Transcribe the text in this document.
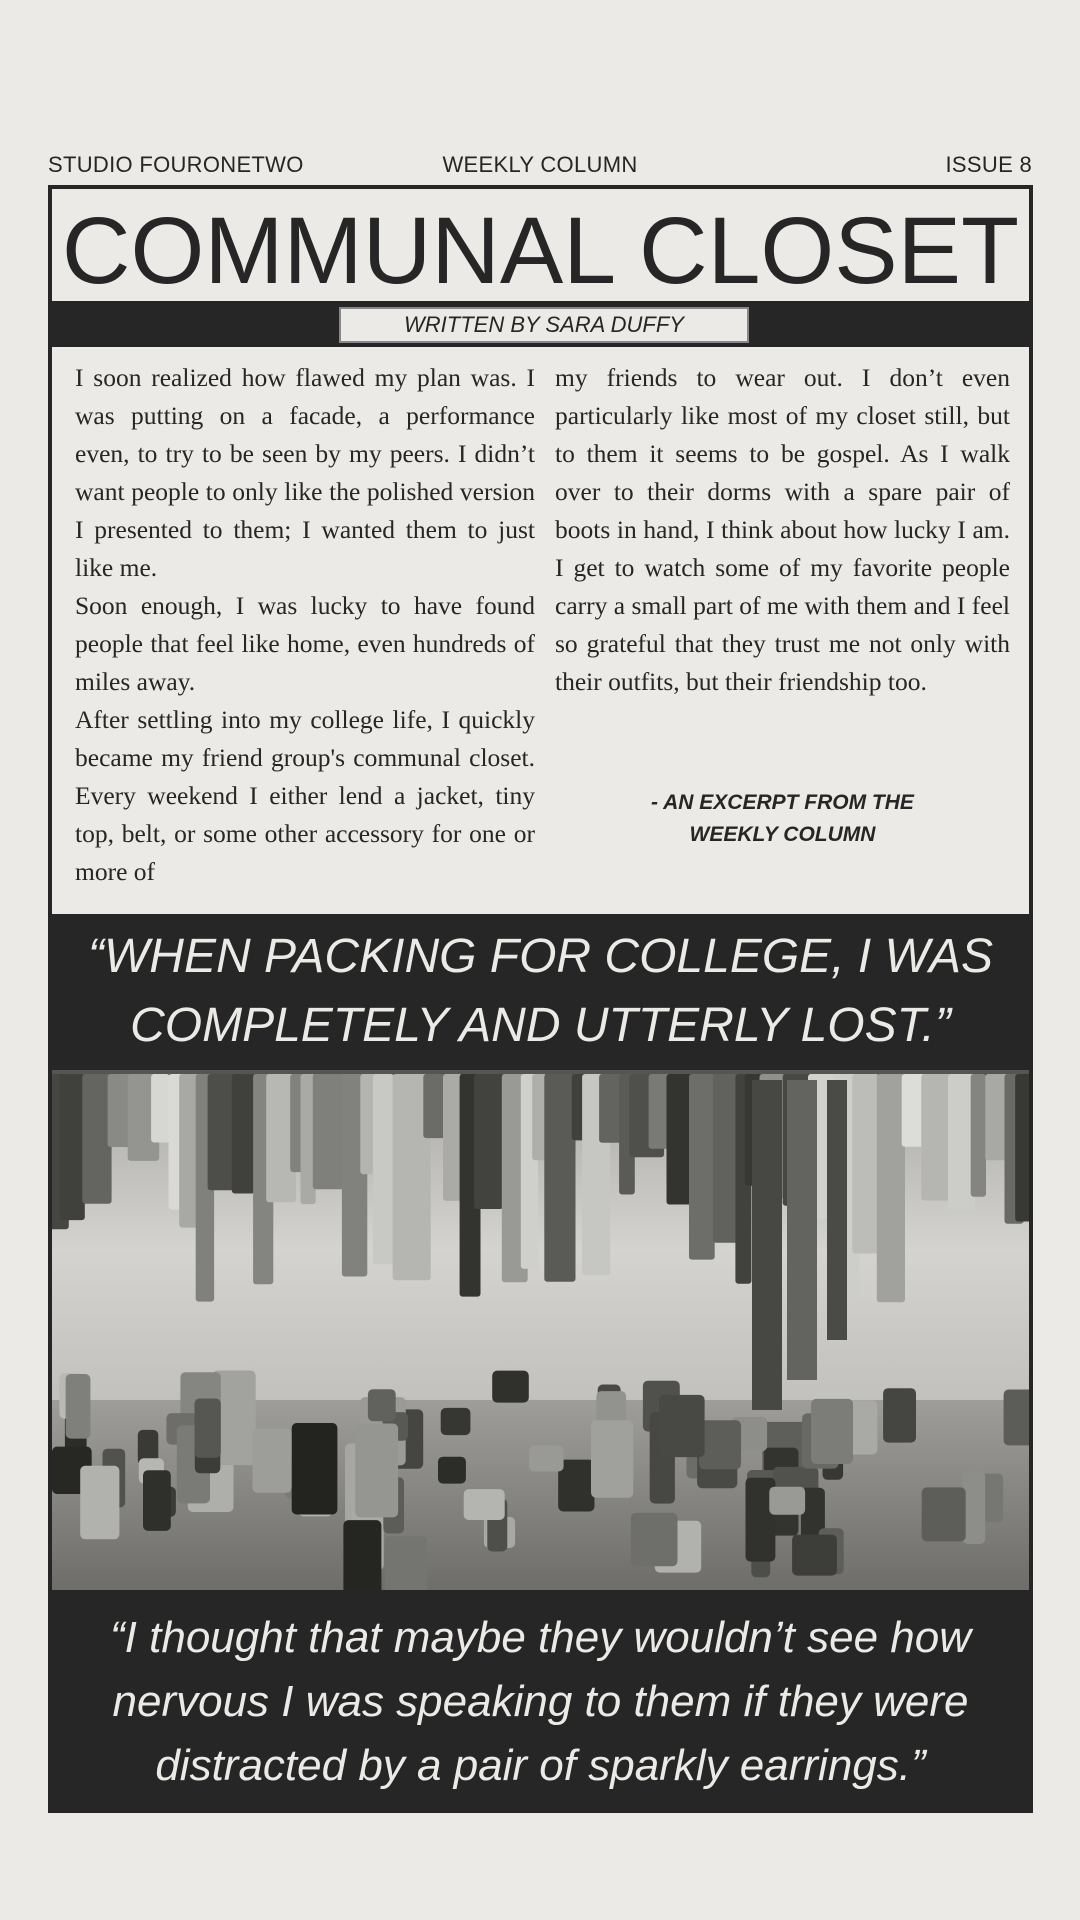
STUDIO FOURONETWO	WEEKLY COLUMN	ISSUE 8
COMMUNAL CLOSET
WRITTEN BY SARA DUFFY

I soon realized how flawed my plan was. I was putting on a facade, a performance even, to try to be seen by my peers. I didn’t want people to only like the polished version I presented to them; I wanted them to just like me.

Soon enough, I was lucky to have found people that feel like home, even hundreds of miles away.

After settling into my college life, I quickly became my friend group's communal closet. Every weekend I either lend a jacket, tiny top, belt, or some other accessory for one or more of

my friends to wear out. I don’t even particularly like most of my closet still, but to them it seems to be gospel. As I walk over to their dorms with a spare pair of boots in hand, I think about how lucky I am. I get to watch some of my favorite people carry a small part of me with them and I feel so grateful that they trust me not only with their outfits, but their friendship too.

- AN EXCERPT FROM THE
WEEKLY COLUMN
“WHEN PACKING FOR COLLEGE, I WAS
COMPLETELY AND UTTERLY LOST.”
“I thought that maybe they wouldn’t see how
nervous I was speaking to them if they were
distracted by a pair of sparkly earrings.”
